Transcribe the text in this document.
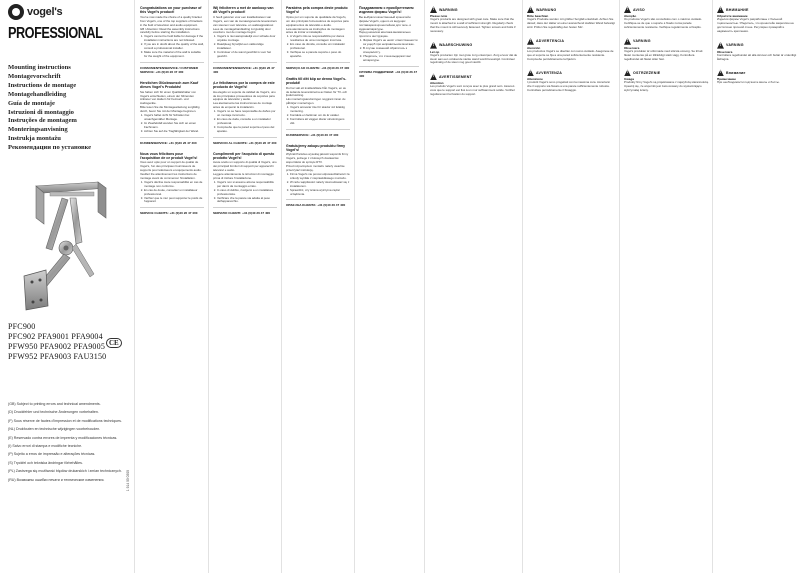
vogel's
PROFESSIONAL
Mounting instructions
Montagevorschrift
Instructions de montage
Montagehandleiding
Guía de montaje
Istruzioni di montaggio
Instruções de montagem
Monteringsanvisning
Instrukja montażu
Рекомендации по установке
PFC900
PFC902 PFA9001 PFA9004
PFW950 PFA9002 PFA9005
PFW952 PFA9003 FAU3150
CE
(GB) Subject to printing errors and technical amendments.
(D) Druckfehler und technische Änderungen vorbehalten.
(F) Sous réserve de fautes d'impression et de modifications techniques.
(NL) Drukfouten en technische wijzigingen voorbehouden.
(E) Reservado contra errores de imprenta y modificaciones técnicas.
(I) Salvo errori di stampa e modifiche tecniche.
(P) Sujeito a erros de impressão e alterações técnicas.
(S) Tryckfel och tekniska ändringar förbehålles.
(PL) Zastrzega się możliwość błędów drukarskich i zmian technicznych.
(RU) Возможны ошибки печати и технические изменения.	1 914 00 0300
Congratulations on your purchase of this Vogel's product!

You've now made the choice of a quality bracket from Vogel's, one of the top suppliers of brackets in the field of television and audio equipment.

GB / Attention: Read the assembly instructions carefully before starting the installation.

1. Vogel's cannot be held liable for damage if the installation instructions are not followed.
2. If you are in doubt about the quality of the wall, consult a professional installer.
3. Make sure the material of the wall is suitable for the weight of the equipment.
CONSUMENTENSERVICE / CUSTOMER SERVICE: +31 (0)40 26 47 400
Herzlichen Glückwunsch zum Kauf dieses Vogel's Produkts!

Sie haben sich für einen Qualitätshalter von Vogel's entschieden, einem der führenden Anbieter von Haltern für Fernseh- und Audiogeräte.

Bitte lesen Sie die Montageanleitung sorgfältig durch, bevor Sie mit der Montage beginnen.

1. Vogel's haftet nicht für Schäden bei unsachgemäßer Montage.
2. Im Zweifelsfall wenden Sie sich an einen Fachmann.
3. Achten Sie auf die Tragfähigkeit der Wand.
KUNDENSERVICE: +31 (0)40 26 47 400
Nous vous félicitons pour l'acquisition de ce produit Vogel's!

Vous avez opté pour un support de qualité de Vogel's, l'un des principaux fournisseurs de supports pour téléviseurs et équipements audio.

Veuillez lire attentivement les instructions de montage avant de commencer l'installation.

1. Vogel's décline toute responsabilité en cas de montage non conforme.
2. En cas de doute, consultez un installateur professionnel.
3. Vérifiez que le mur peut supporter le poids de l'appareil.
SERVICE CLIENTS: +31 (0)40 26 47 400
Wij feliciteren u met de aankoop van dit Vogel's product!

U heeft gekozen voor een kwaliteitssteun van Vogel's, een van de toonaangevende leveranciers van steunen voor televisie- en audioapparatuur.

Lees de montagehandleiding zorgvuldig door voordat u met de montage begint.

1. Vogel's is niet aansprakelijk voor schade door onjuiste montage.
2. Raadpleeg bij twijfel een vakkundige installateur.
3. Controleer of de wand geschikt is voor het gewicht.
CONSUMENTENSERVICE: +31 (0)40 26 47 400
¡Le felicitamos por la compra de este producto de Vogel's!

Ha elegido un soporte de calidad de Vogel's, uno de los principales proveedores de soportes para equipos de televisión y audio.

Lea atentamente las instrucciones de montaje antes de empezar la instalación.

1. Vogel's no se hace responsable de daños por un montaje incorrecto.
2. En caso de duda, consulte a un instalador profesional.
3. Compruebe que la pared soporta el peso del aparato.
SERVICIO AL CLIENTE: +31 (0)40 26 47 400
Complimenti per l'acquisto di questo prodotto Vogel's!

Avete scelto un supporto di qualità di Vogel's, uno dei principali fornitori di supporti per apparecchi televisivi e audio.

Leggere attentamente le istruzioni di montaggio prima di iniziare l'installazione.

1. Vogel's non si assume alcuna responsabilità per danni da montaggio errato.
2. In caso di dubbio, rivolgersi a un installatore professionista.
3. Verificare che la parete sia adatta al peso dell'apparecchio.
SERVIZIO CLIENTI: +31 (0)40 26 47 400
Parabéns pela compra deste produto Vogel's!

Optou por um suporte de qualidade da Vogel's, um dos principais fornecedores de suportes para equipamentos de televisão e áudio.

Leia atentamente as instruções de montagem antes de iniciar a instalação.

1. A Vogel's não se responsabiliza por danos resultantes de uma montagem incorreta.
2. Em caso de dúvida, consulte um instalador profissional.
3. Verifique se a parede suporta o peso do aparelho.
SERVIÇO AO CLIENTE: +31 (0)40 26 47 400
Grattis till ditt köp av denna Vogel's-produkt!

Du har valt ett kvalitetsfäste från Vogel's, en av de ledande leverantörerna av fästen för TV- och ljudutrustning.

Läs monteringsanvisningen noggrant innan du påbörjar monteringen.

1. Vogel's ansvarar inte för skador vid felaktig montering.
2. Kontakta en fackman om du är osäker.
3. Kontrollera att väggen klarar utrustningens vikt.
KUNDSERVICE: +31 (0)40 26 47 400
Gratulujemy zakupu produktu firmy Vogel's!

Wybrali Państwo wysokiej jakości wspornik firmy Vogel's, jednego z czołowych dostawców wsporników do sprzętu RTV.

Przed rozpoczęciem montażu należy uważnie przeczytać instrukcję.

1. Firma Vogel's nie ponosi odpowiedzialności za szkody wynikłe z nieprawidłowego montażu.
2. W razie wątpliwości należy skonsultować się z instalatorem.
3. Sprawdzić, czy ściana wytrzyma ciężar urządzenia.
OBSŁUGA KLIENTA: +31 (0)40 26 47 400
Поздравляем с приобретением изделия фирмы Vogel's!

Вы выбрали качественный кронштейн фирмы Vogel's, одного из ведущих поставщиков кронштейнов для теле- и аудиоаппаратуры.

Перед началом монтажа внимательно прочтите инструкцию.

1. Фирма Vogel's не несёт ответственности за ущерб при неправильном монтаже.
2. В случае сомнений обратитесь к специалисту.
3. Убедитесь, что стена выдержит вес аппаратуры.
СЛУЖБА ПОДДЕРЖКИ: +31 (0)40 26 47 400
!	WARNING
Please note

Vogel's products are designed with great care. Make sure that the mount is attached to a wall of sufficient strength. Regularly check that the mount is still securely fastened. Tighten screws and bolts if necessary.

!	WAARSCHUWING
Let op

Vogel's producten zijn met grote zorg ontworpen. Zorg ervoor dat de steun aan een voldoende sterke wand wordt bevestigd. Controleer regelmatig of de steun nog goed vastzit.

!	AVERTISSEMENT
Attention

Les produits Vogel's sont conçus avec le plus grand soin. Assurez-vous que le support est fixé à un mur suffisamment solide. Vérifiez régulièrement la fixation du support.

!	WARNUNG
Bitte beachten

Vogel's Produkte werden mit größter Sorgfalt entwickelt. Achten Sie darauf, dass der Halter an einer ausreichend stabilen Wand befestigt wird. Prüfen Sie regelmäßig den festen Sitz.

!	ADVERTENCIA
Atención

Los productos Vogel's se diseñan con sumo cuidado. Asegúrese de que el soporte se fija a una pared suficientemente resistente. Compruebe periódicamente la fijación.

!	AVVERTENZA
Attenzione

I prodotti Vogel's sono progettati con la massima cura. Accertarsi che il supporto sia fissato a una parete sufficientemente robusta. Controllare periodicamente il fissaggio.

!	AVISO
Atenção

Os produtos Vogel's são concebidos com o máximo cuidado. Certifique-se de que o suporte é fixado numa parede suficientemente resistente. Verifique regularmente a fixação.

!	VARNING
Observera

Vogel's produkter är utformade med största omsorg. Se till att fästet monteras på en tillräckligt stark vägg. Kontrollera regelbundet att fästet sitter fast.

!	OSTRZEŻENIE
Uwaga

Produkty firmy Vogel's są projektowane z najwyższą starannością. Upewnij się, że wspornik jest zamocowany do wystarczająco wytrzymałej ściany.

!	ВНИМАНИЕ
Обратите внимание

Изделия фирмы Vogel's разработаны с большой тщательностью. Убедитесь, что кронштейн закреплён на достаточно прочной стене. Регулярно проверяйте надёжность крепления.

!	VARNING
Observera

Kontrollera regelbundet att alla skruvar och bultar är ordentligt åtdragna.

!	Внимание
Примечание

При необходимости подтяните винты и болты.
